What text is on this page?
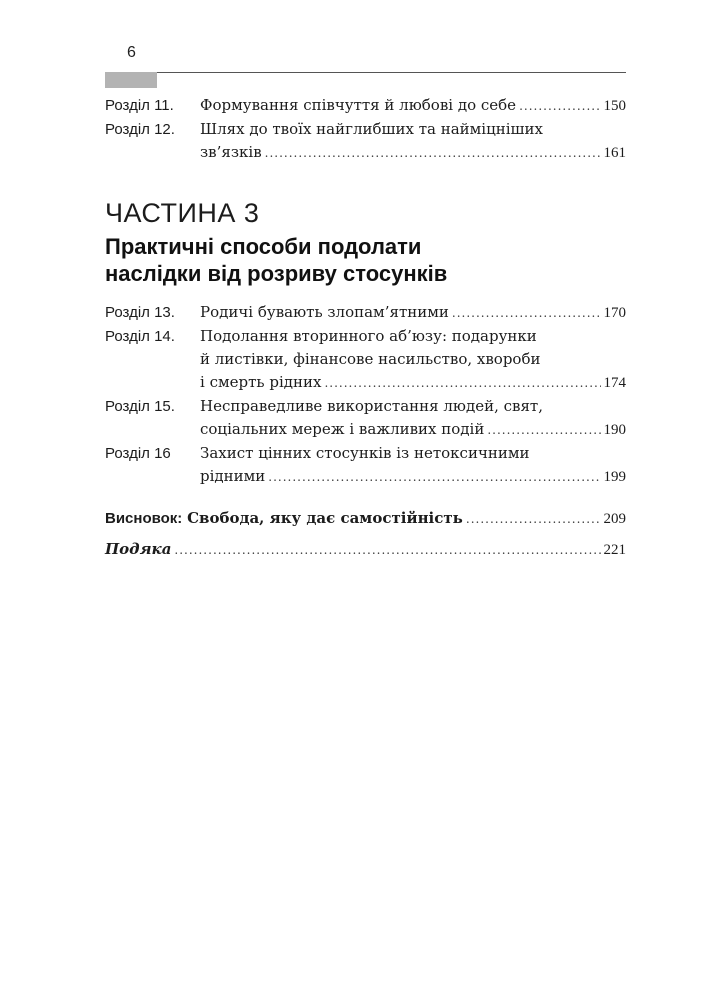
6
Розділ 11.	Формування співчуття й любові до себе .....	150
Розділ 12.	Шлях до твоїх найглибших та наймiцніших
зв’язків .....	161
ЧАСТИНА 3
Практичні способи подолати
наслідки від розриву стосунків
Розділ 13.	Родичі бувають злопам’ятними .....	170
Розділ 14.	Подолання вторинного аб’юзу: подарунки
й листівки, фінансове насильство, хвороби
і смерть рідних .....	174
Розділ 15.	Несправедливе використання людей, свят,
соціальних мереж і важливих подій .....	190
Розділ 16	Захист цінних стосунків із нетоксичними
рідними .....	199
Висновок: Свобода, яку дає самостійність .....	209
Подяка .....	221
